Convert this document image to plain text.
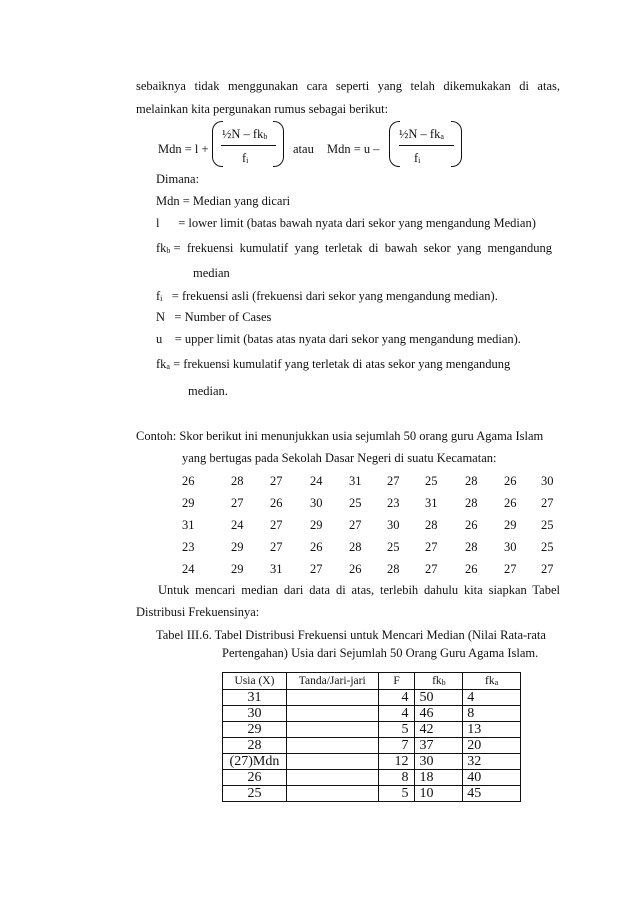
sebaiknya tidak menggunakan cara seperti yang telah dikemukakan di atas,
melainkan kita pergunakan rumus sebagai berikut:
Mdn = l +
½N – $fk_b$
$f_i$
atau Mdn = u –
½N – $fk_a$
$f_i$
Dimana:
Mdn = Median yang dicari
l      = lower limit (batas bawah nyata dari sekor yang mengandung Median)
$fk_b$ =  frekuensi  kumulatif  yang  terletak  di  bawah  sekor  yang  mengandung
median
$f_i$   = frekuensi asli (frekuensi dari sekor yang mengandung median).
N   = Number of Cases
u    = upper limit (batas atas nyata dari sekor yang mengandung median).
$fk_a$ = frekuensi kumulatif yang terletak di atas sekor yang mengandung
median.
Contoh: Skor berikut ini menunjukkan usia sejumlah 50 orang guru Agama Islam
yang bertugas pada Sekolah Dasar Negeri di suatu Kecamatan:
26	28 27 24 31 27 25 28 26 30
29	27 26 30 25 23 31 28 26 27
31	24 27 29 27 30 28 26 29 25
23	29 27 26 28 25 27 28 30 25
24	29 31 27 26 28 27 26 27 27
Untuk mencari median dari data di atas, terlebih dahulu kita siapkan Tabel
Distribusi Frekuensinya:
Tabel III.6. Tabel Distribusi Frekuensi untuk Mencari Median (Nilai Rata-rata
Pertengahan) Usia dari Sejumlah 50 Orang Guru Agama Islam.
Usia (X)	Tanda/Jari-jari	F	$fk_b$	$fk_a$
31		4	50	4
30		4	46	8
29		5	42	13
28		7	37	20
(27)Mdn		12	30	32
26		8	18	40
25		5	10	45
